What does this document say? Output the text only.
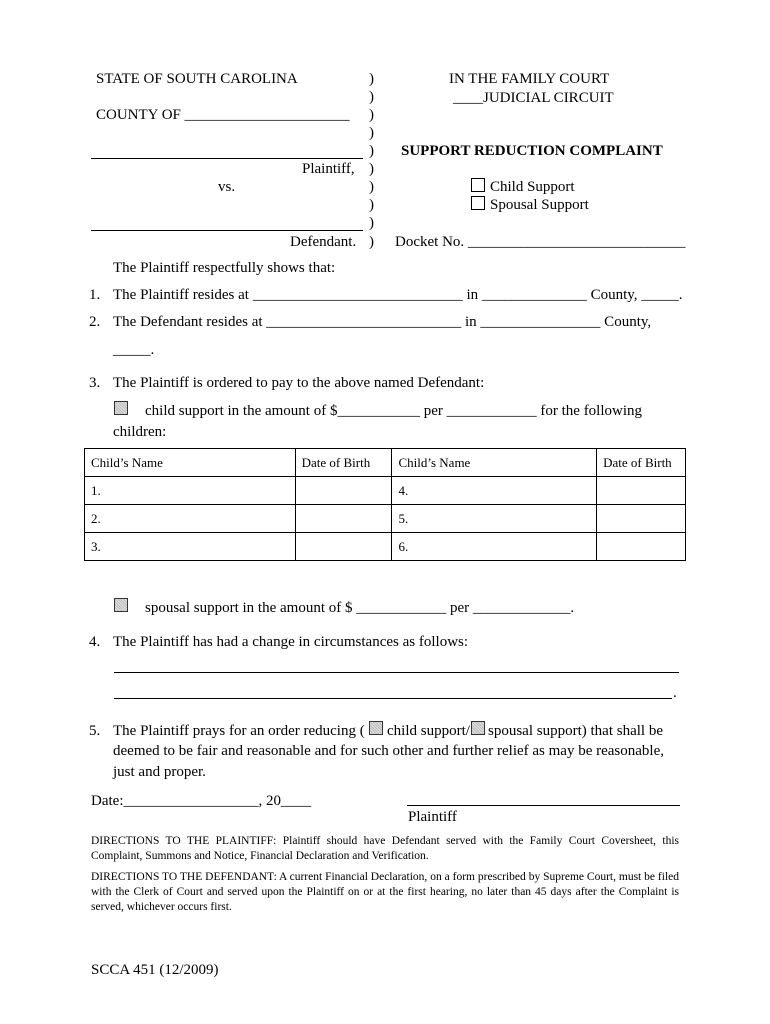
STATE OF SOUTH CAROLINA
COUNTY OF ______________________
Plaintiff,
vs.
Defendant.
)
)
)
)
)
)
)
)
)
)
IN THE FAMILY COURT
____JUDICIAL CIRCUIT
SUPPORT REDUCTION COMPLAINT
Child Support
Spousal Support
Docket No. _____________________________
The Plaintiff respectfully shows that:
1. The Plaintiff resides at ____________________________ in ______________ County, _____.
2. The Defendant resides at __________________________ in ________________ County,
_____.
3. The Plaintiff is ordered to pay to the above named Defendant:
child support in the amount of $___________ per ____________ for the following
children:
Child’s Name	Date of Birth	Child’s Name	Date of Birth
1.		4.	
2.		5.	
3.		6.	
spousal support in the amount of $ ____________ per _____________.
4. The Plaintiff has had a change in circumstances as follows:
.
5. The Plaintiff prays for an order reducing ( child support/ spousal support) that shall be
deemed to be fair and reasonable and for such other and further relief as may be reasonable,
just and proper.
Date:__________________, 20____
Plaintiff
DIRECTIONS TO THE PLAINTIFF: Plaintiff should have Defendant served with the Family Court Coversheet, this Complaint, Summons and Notice, Financial Declaration and Verification.
DIRECTIONS TO THE DEFENDANT: A current Financial Declaration, on a form prescribed by Supreme Court, must be filed with the Clerk of Court and served upon the Plaintiff on or at the first hearing, no later than 45 days after the Complaint is served, whichever occurs first.
SCCA 451 (12/2009)
